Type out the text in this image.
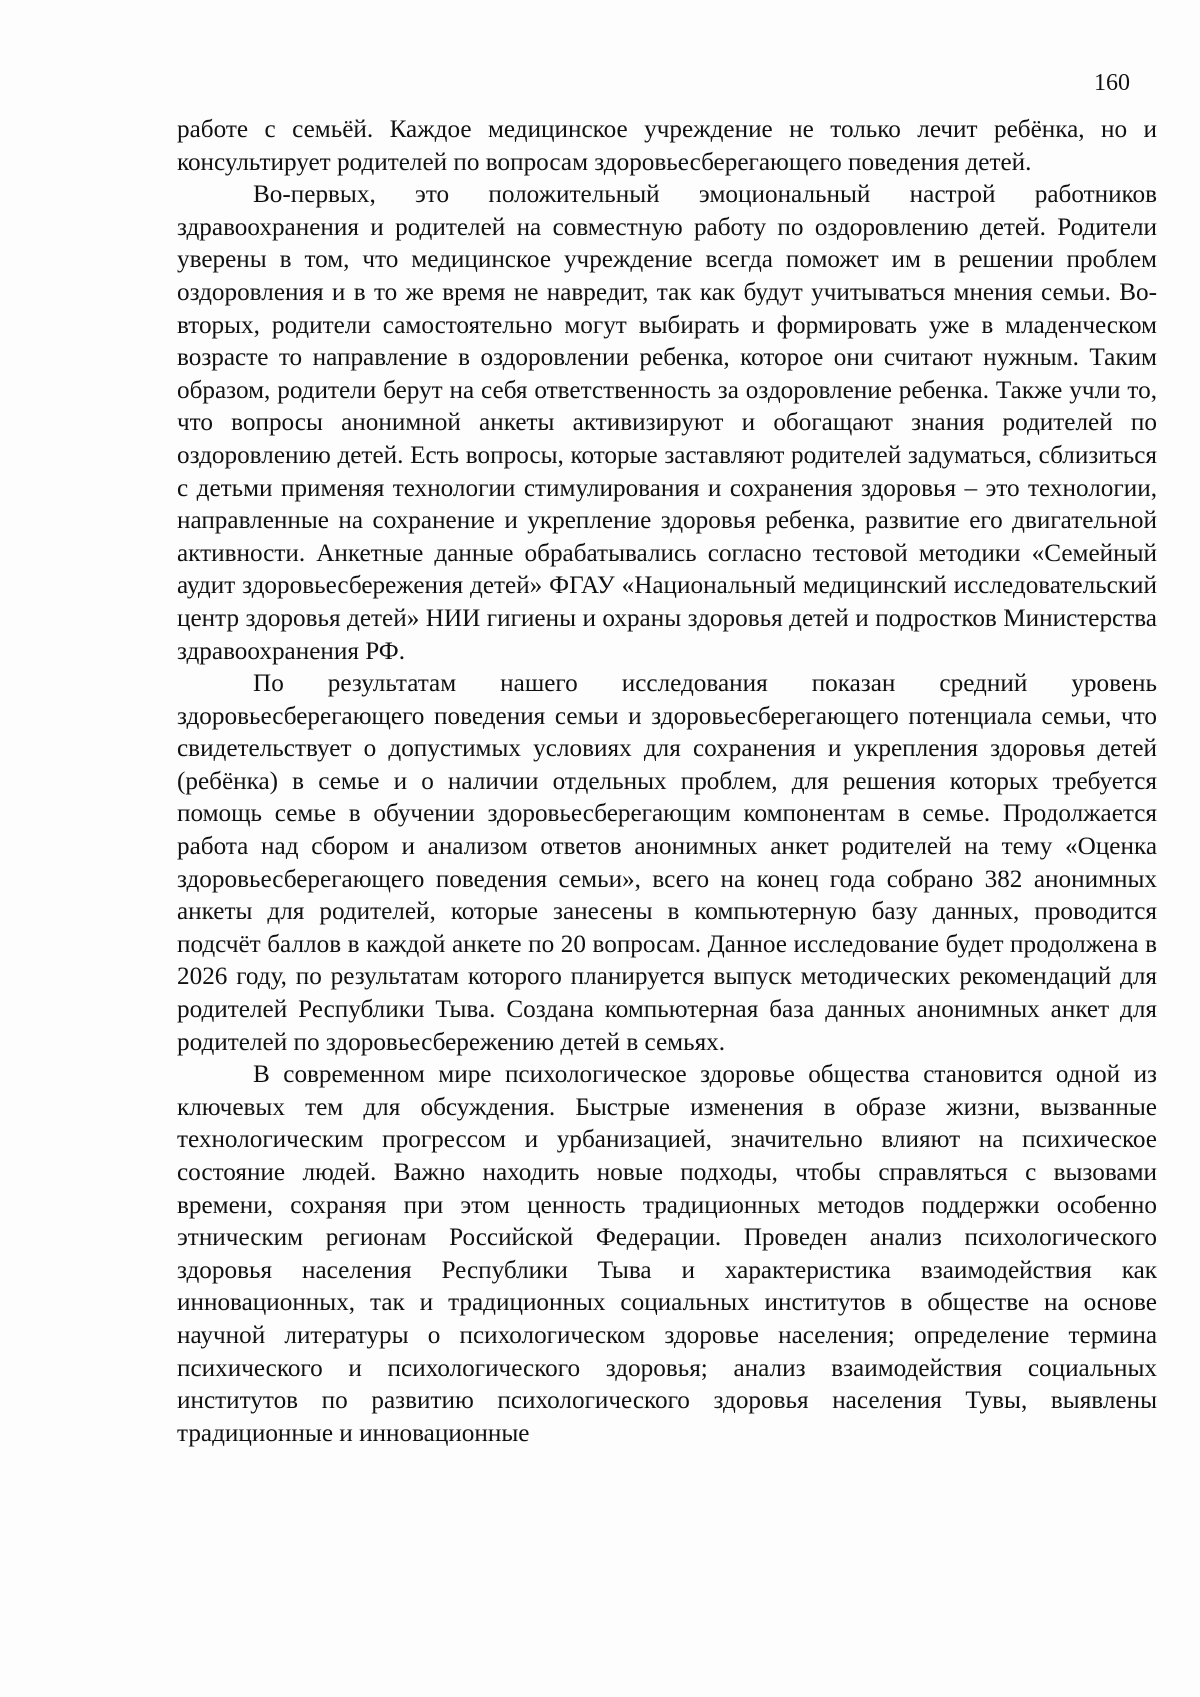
160

работе с семьёй. Каждое медицинское учреждение не только лечит ребёнка, но и консультирует родителей по вопросам здоровьесберегающего поведения детей.

Во-первых, это положительный эмоциональный настрой работников здравоохранения и родителей на совместную работу по оздоровлению детей. Родители уверены в том, что медицинское учреждение всегда поможет им в решении проблем оздоровления и в то же время не навредит, так как будут учитываться мнения семьи. Во-вторых, родители самостоятельно могут выбирать и формировать уже в младенческом возрасте то направление в оздоровлении ребенка, которое они считают нужным. Таким образом, родители берут на себя ответственность за оздоровление ребенка. Также учли то, что вопросы анонимной анкеты активизируют и обогащают знания родителей по оздоровлению детей. Есть вопросы, которые заставляют родителей задуматься, сблизиться с детьми применяя технологии стимулирования и сохранения здоровья – это технологии, направленные на сохранение и укрепление здоровья ребенка, развитие его двигательной активности. Анкетные данные обрабатывались согласно тестовой методики «Семейный аудит здоровьесбережения детей» ФГАУ «Национальный медицинский исследовательский центр здоровья детей» НИИ гигиены и охраны здоровья детей и подростков Министерства здравоохранения РФ.

По результатам нашего исследования показан средний уровень здоровьесберегающего поведения семьи и здоровьесберегающего потенциала семьи, что свидетельствует о допустимых условиях для сохранения и укрепления здоровья детей (ребёнка) в семье и о наличии отдельных проблем, для решения которых требуется помощь семье в обучении здоровьесберегающим компонентам в семье. Продолжается работа над сбором и анализом ответов анонимных анкет родителей на тему «Оценка здоровьесберегающего поведения семьи», всего на конец года собрано 382 анонимных анкеты для родителей, которые занесены в компьютерную базу данных, проводится подсчёт баллов в каждой анкете по 20 вопросам. Данное исследование будет продолжена в 2026 году, по результатам которого планируется выпуск методических рекомендаций для родителей Республики Тыва. Создана компьютерная база данных анонимных анкет для родителей по здоровьесбережению детей в семьях.

В современном мире психологическое здоровье общества становится одной из ключевых тем для обсуждения. Быстрые изменения в образе жизни, вызванные технологическим прогрессом и урбанизацией, значительно влияют на психическое состояние людей. Важно находить новые подходы, чтобы справляться с вызовами времени, сохраняя при этом ценность традиционных методов поддержки особенно этническим регионам Российской Федерации. Проведен анализ психологического здоровья населения Республики Тыва и характеристика взаимодействия как инновационных, так и традиционных социальных институтов в обществе на основе научной литературы о психологическом здоровье населения; определение термина психического и психологического здоровья; анализ взаимодействия социальных институтов по развитию психологического здоровья населения Тувы, выявлены традиционные и инновационные
